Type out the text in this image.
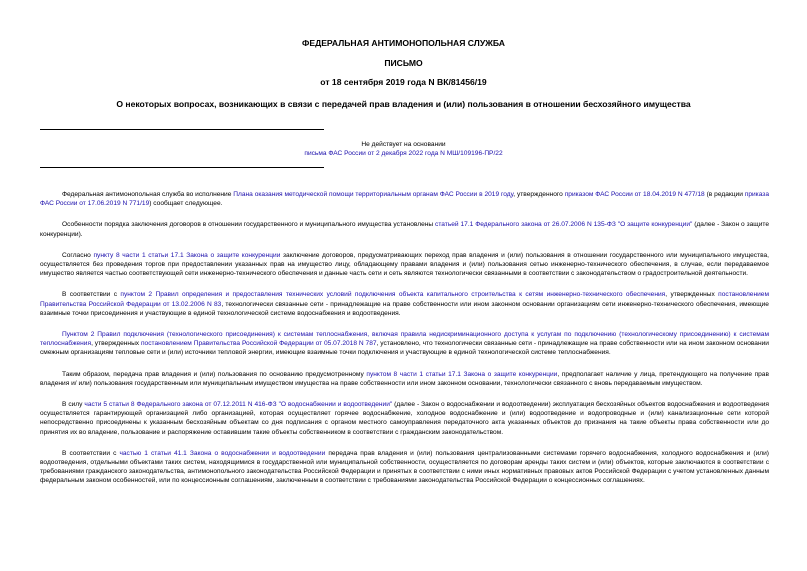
ФЕДЕРАЛЬНАЯ АНТИМОНОПОЛЬНАЯ СЛУЖБА
ПИСЬМО
от 18 сентября 2019 года N ВК/81456/19
О некоторых вопросах, возникающих в связи с передачей прав владения и (или) пользования в отношении бесхозяйного имущества
Не действует на основании
письма ФАС России от 2 декабря 2022 года N МШ/109196-ПР/22

Федеральная антимонопольная служба во исполнение Плана оказания методической помощи территориальным органам ФАС России в 2019 году, утвержденного приказом ФАС России от 18.04.2019 N 477/18 (в редакции приказа ФАС России от 17.06.2019 N 771/19) сообщает следующее.

Особенности порядка заключения договоров в отношении государственного и муниципального имущества установлены статьей 17.1 Федерального закона от 26.07.2006 N 135-ФЗ "О защите конкуренции" (далее - Закон о защите конкуренции).

Согласно пункту 8 части 1 статьи 17.1 Закона о защите конкуренции заключение договоров, предусматривающих переход прав владения и (или) пользования в отношении государственного или муниципального имущества, осуществляется без проведения торгов при предоставлении указанных прав на имущество лицу, обладающему правами владения и (или) пользования сетью инженерно-технического обеспечения, в случае, если передаваемое имущество является частью соответствующей сети инженерно-технического обеспечения и данные часть сети и сеть являются технологически связанными в соответствии с законодательством о градостроительной деятельности.

В соответствии с пунктом 2 Правил определения и предоставления технических условий подключения объекта капитального строительства к сетям инженерно-технического обеспечения, утвержденных постановлением Правительства Российской Федерации от 13.02.2006 N 83, технологически связанные сети - принадлежащие на праве собственности или ином законном основании организациям сети инженерно-технического обеспечения, имеющие взаимные точки присоединения и участвующие в единой технологической системе водоснабжения и водоотведения.

Пунктом 2 Правил подключения (технологического присоединения) к системам теплоснабжения, включая правила недискриминационного доступа к услугам по подключению (технологическому присоединению) к системам теплоснабжения, утвержденных постановлением Правительства Российской Федерации от 05.07.2018 N 787, установлено, что технологически связанные сети - принадлежащие на праве собственности или на ином законном основании смежным организациям тепловые сети и (или) источники тепловой энергии, имеющие взаимные точки подключения и участвующие в единой технологической системе теплоснабжения.

Таким образом, передача прав владения и (или) пользования по основанию предусмотренному пунктом 8 части 1 статьи 17.1 Закона о защите конкуренции, предполагает наличие у лица, претендующего на получение прав владения и/ или) пользования государственным или муниципальным имуществом имущества на праве собственности или ином законном основании, технологически связанного с вновь передаваемым имуществом.

В силу части 5 статьи 8 Федерального закона от 07.12.2011 N 416-ФЗ "О водоснабжении и водоотведении" (далее - Закон о водоснабжении и водоотведении) эксплуатация бесхозяйных объектов водоснабжения и водоотведения осуществляется гарантирующей организацией либо организацией, которая осуществляет горячее водоснабжение, холодное водоснабжение и (или) водоотведение и водопроводные и (или) канализационные сети которой непосредственно присоединены к указанным бесхозяйным объектам со дня подписания с органом местного самоуправления передаточного акта указанных объектов до признания на такие объекты права собственности или до принятия их во владение, пользование и распоряжение оставившим такие объекты собственником в соответствии с гражданским законодательством.

В соответствии с частью 1 статьи 41.1 Закона о водоснабжении и водоотведении передача прав владения и (или) пользования централизованными системами горячего водоснабжения, холодного водоснабжения и (или) водоотведения, отдельными объектами таких систем, находящимися в государственной или муниципальной собственности, осуществляется по договорам аренды таких систем и (или) объектов, которые заключаются в соответствии с требованиями гражданского законодательства, антимонопольного законодательства Российской Федерации и принятых в соответствии с ними иных нормативных правовых актов Российской Федерации с учетом установленных данным федеральным законом особенностей, или по концессионным соглашениям, заключенным в соответствии с требованиями законодательства Российской Федерации о концессионных соглашениях.
